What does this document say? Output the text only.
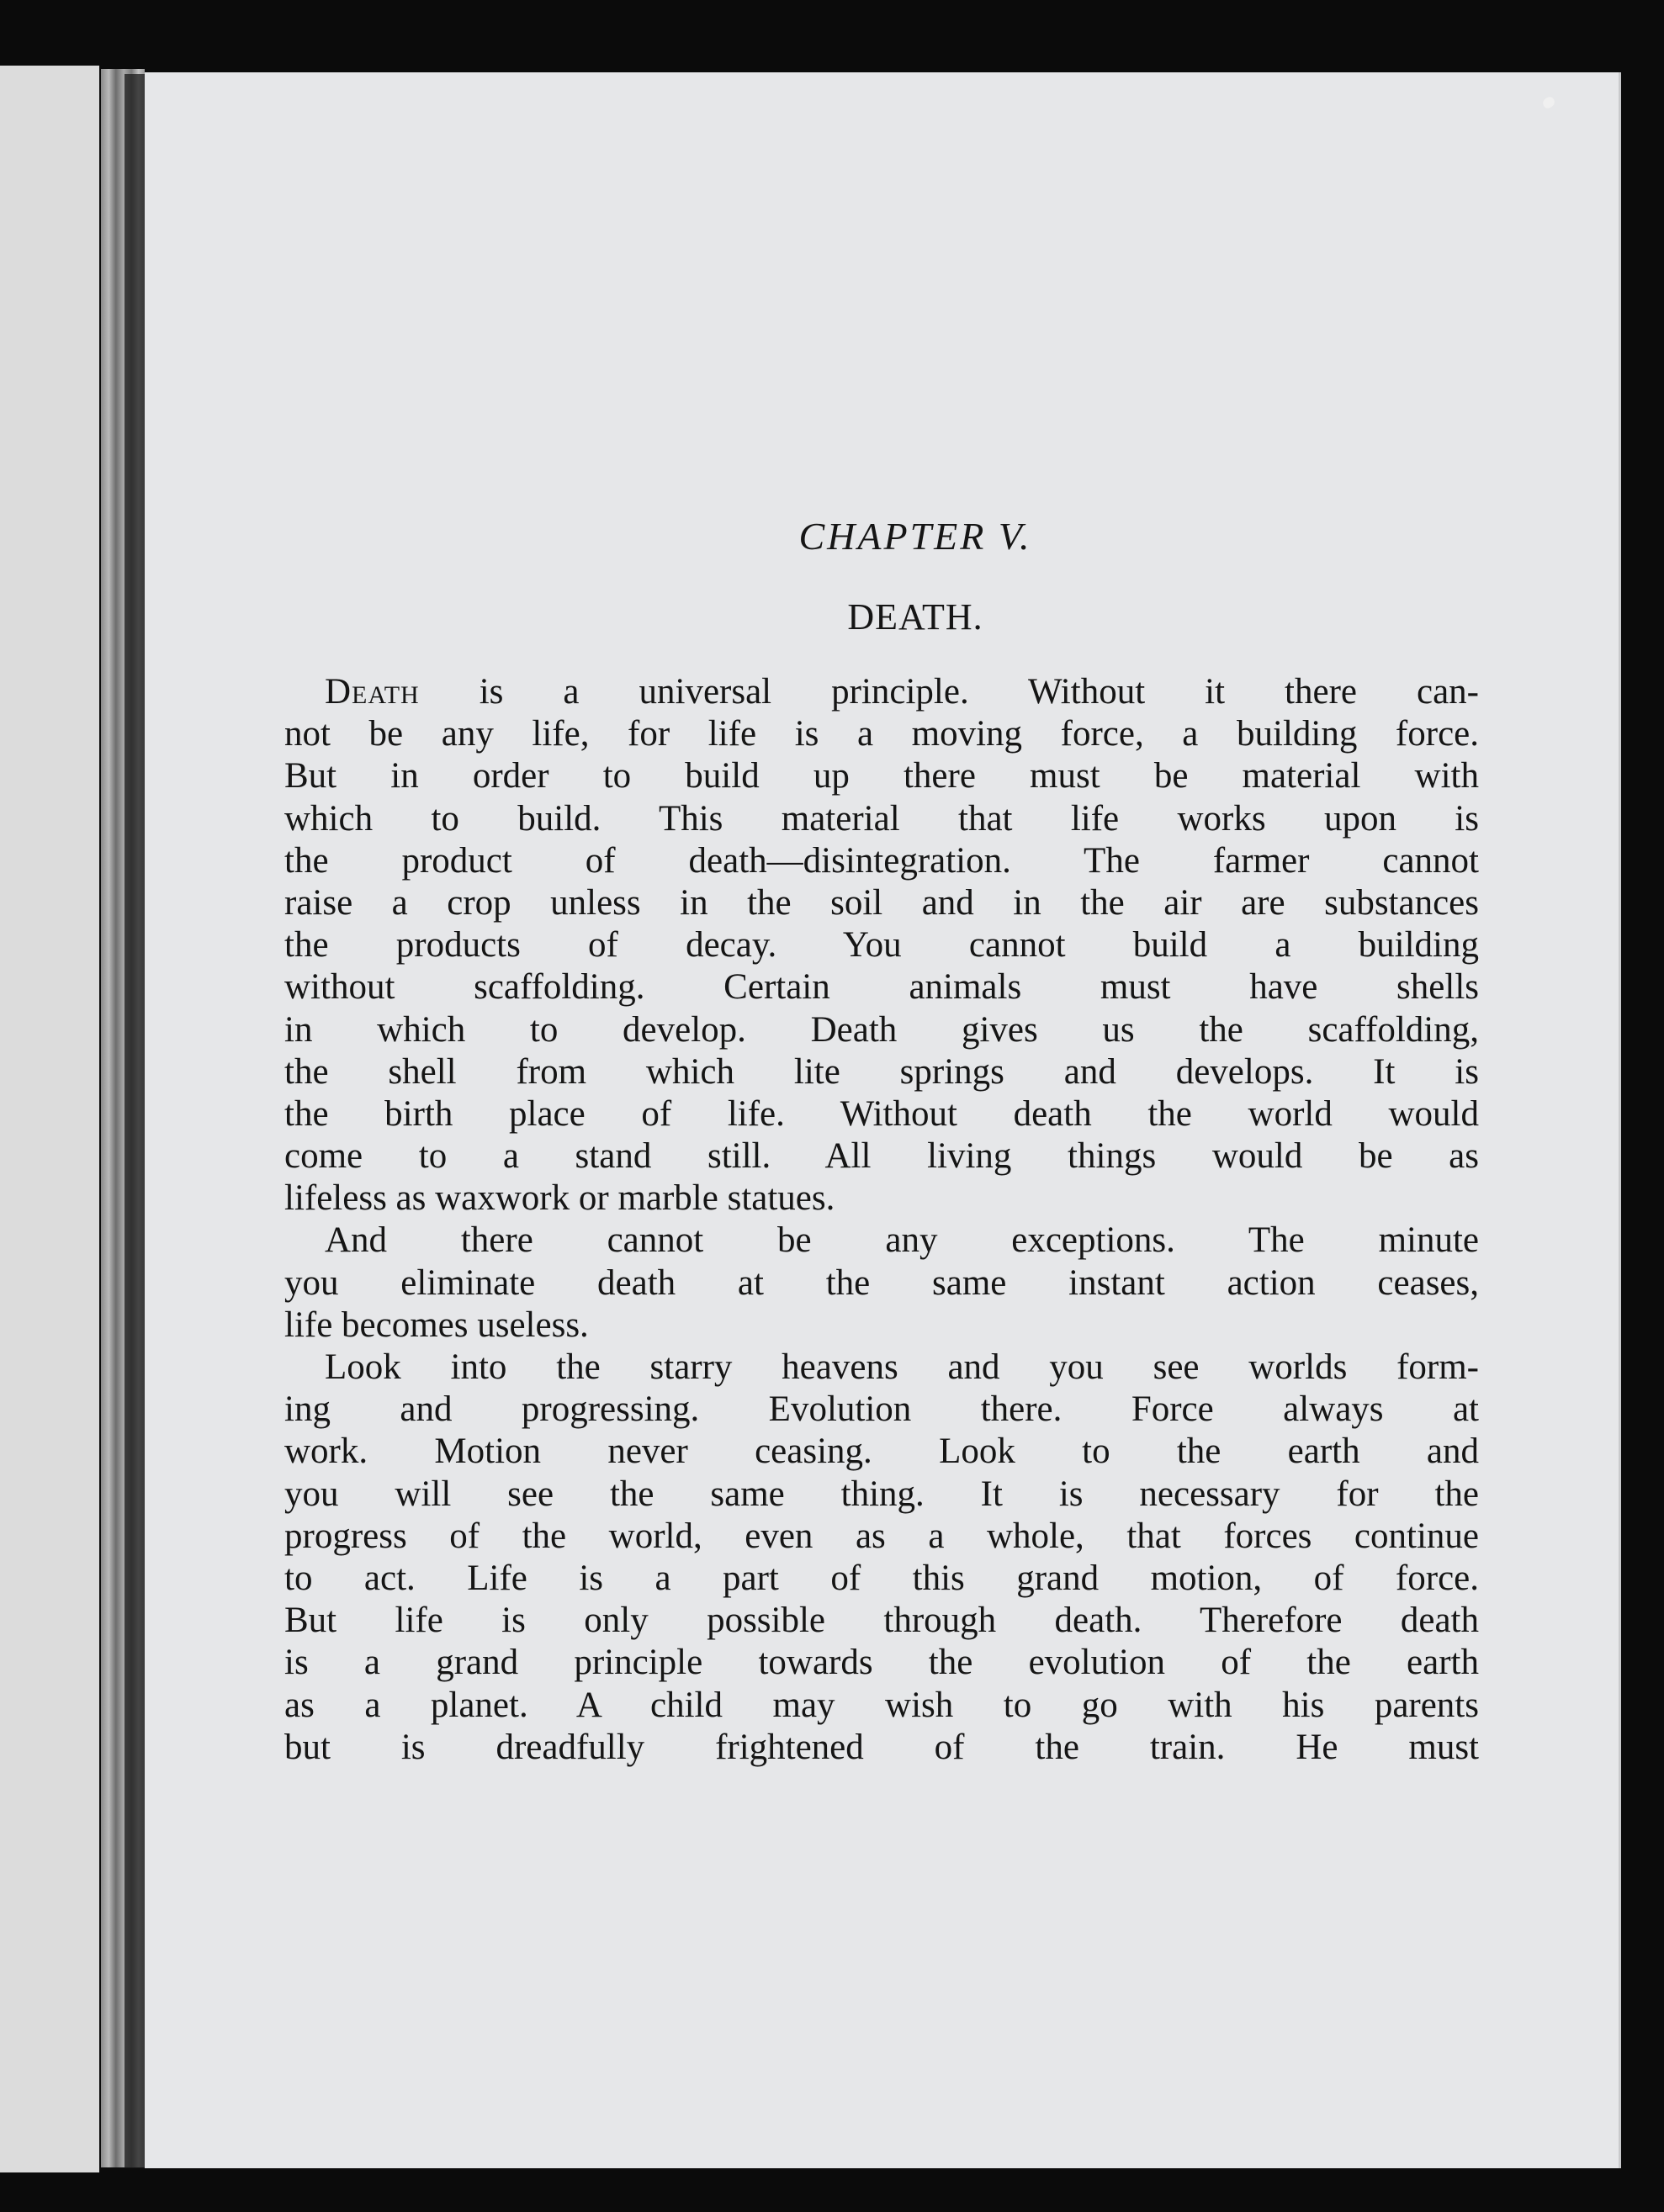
CHAPTER V.
DEATH.
Death is a universal principle. Without it there can-
not be any life, for life is a moving force, a building force.
But in order to build up there must be material with
which to build. This material that life works upon is
the product of death—disintegration. The farmer cannot
raise a crop unless in the soil and in the air are substances
the products of decay. You cannot build a building
without scaffolding. Certain animals must have shells
in which to develop. Death gives us the scaffolding,
the shell from which lite springs and develops. It is
the birth place of life. Without death the world would
come to a stand still. All living things would be as
lifeless as waxwork or marble statues.
And there cannot be any exceptions. The minute
you eliminate death at the same instant action ceases,
life becomes useless.
Look into the starry heavens and you see worlds form-
ing and progressing. Evolution there. Force always at
work. Motion never ceasing. Look to the earth and
you will see the same thing. It is necessary for the
progress of the world, even as a whole, that forces continue
to act. Life is a part of this grand motion, of force.
But life is only possible through death. Therefore death
is a grand principle towards the evolution of the earth
as a planet. A child may wish to go with his parents
but is dreadfully frightened of the train. He must
